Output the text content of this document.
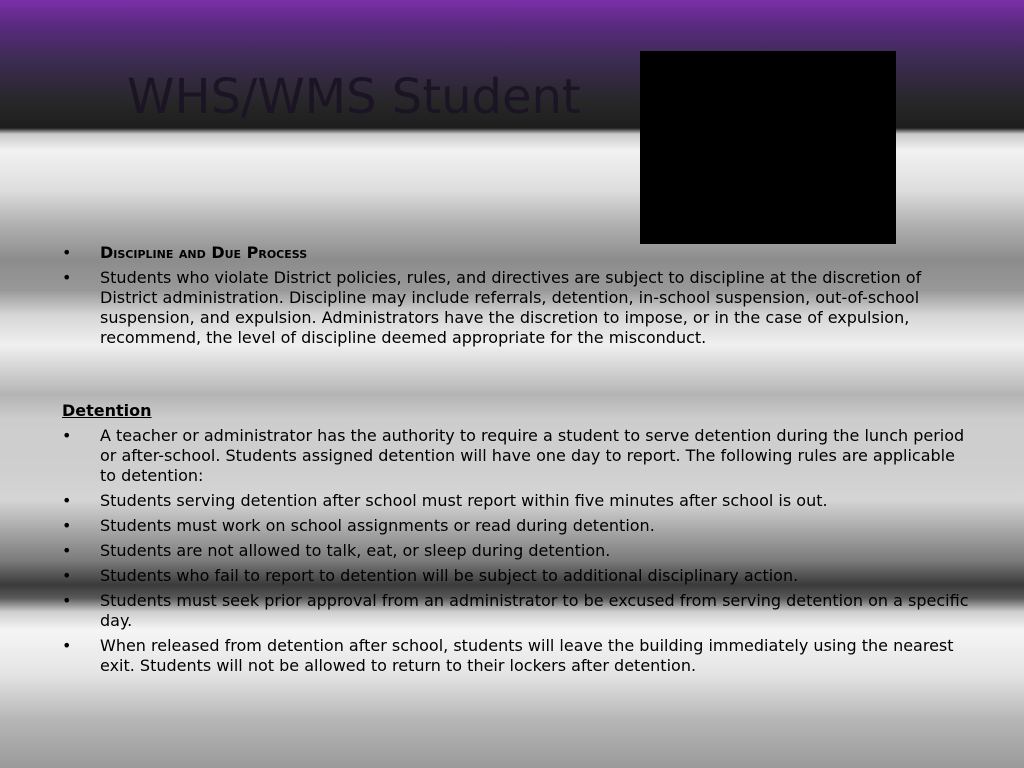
WHS/WMS Student
•	Discipline and Due Process
•	Students who violate District policies, rules, and directives are subject to discipline at the discretion of District administration. Discipline may include referrals, detention, in-school suspension, out-of-school suspension, and expulsion. Administrators have the discretion to impose, or in the case of expulsion, recommend, the level of discipline deemed appropriate for the misconduct.
Detention
•	A teacher or administrator has the authority to require a student to serve detention during the lunch period or after-school. Students assigned detention will have one day to report. The following rules are applicable to detention:
•	Students serving detention after school must report within five minutes after school is out.
•	Students must work on school assignments or read during detention.
•	Students are not allowed to talk, eat, or sleep during detention.
•	Students who fail to report to detention will be subject to additional disciplinary action.
•	Students must seek prior approval from an administrator to be excused from serving detention on a specific day.
•	When released from detention after school, students will leave the building immediately using the nearest exit. Students will not be allowed to return to their lockers after detention.
